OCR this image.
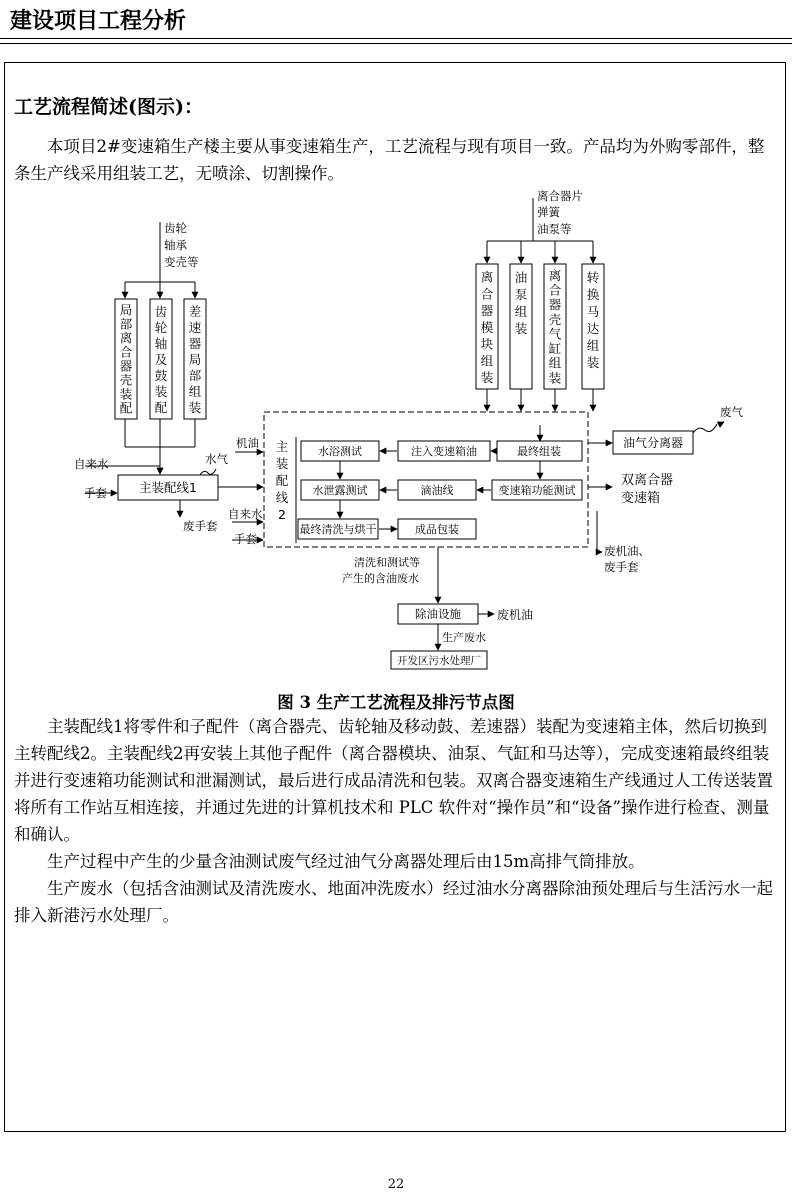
建设项目工程分析
工艺流程简述(图示)：
本项目2#变速箱生产楼主要从事变速箱生产，工艺流程与现有项目一致。产品均为外购零部件，整条生产线采用组装工艺，无喷涂、切割操作。
齿轮
轴承
变壳等
离合器片
弹簧
油泵等
局部离合器壳装配
齿轮轴及鼓装配
差速器局部组装
离合器模块组装
油泵组装
离合器壳气缸组装
转换马达组装
主装配线 2
主装配线1
自来水
手套
水气
机油
废手套
自来水
手套
水浴测试	注入变速箱油	最终组装
水泄露测试	滴油线	变速箱功能测试
最终清洗与烘干	成品包装
油气分离器
废气
双离合器
变速箱
废机油、
废手套
清洗和测试等
产生的含油废水
除油设施	废机油
生产废水
开发区污水处理厂
图 3 生产工艺流程及排污节点图
主装配线1将零件和子配件（离合器壳、齿轮轴及移动鼓、差速器）装配为变速箱主体，然后切换到主转配线2。主装配线2再安装上其他子配件（离合器模块、油泵、气缸和马达等），完成变速箱最终组装并进行变速箱功能测试和泄漏测试，最后进行成品清洗和包装。双离合器变速箱生产线通过人工传送装置将所有工作站互相连接，并通过先进的计算机技术和 PLC 软件对“操作员”和“设备”操作进行检查、测量和确认。
生产过程中产生的少量含油测试废气经过油气分离器处理后由15m高排气筒排放。
生产废水（包括含油测试及清洗废水、地面冲洗废水）经过油水分离器除油预处理后与生活污水一起排入新港污水处理厂。
22
